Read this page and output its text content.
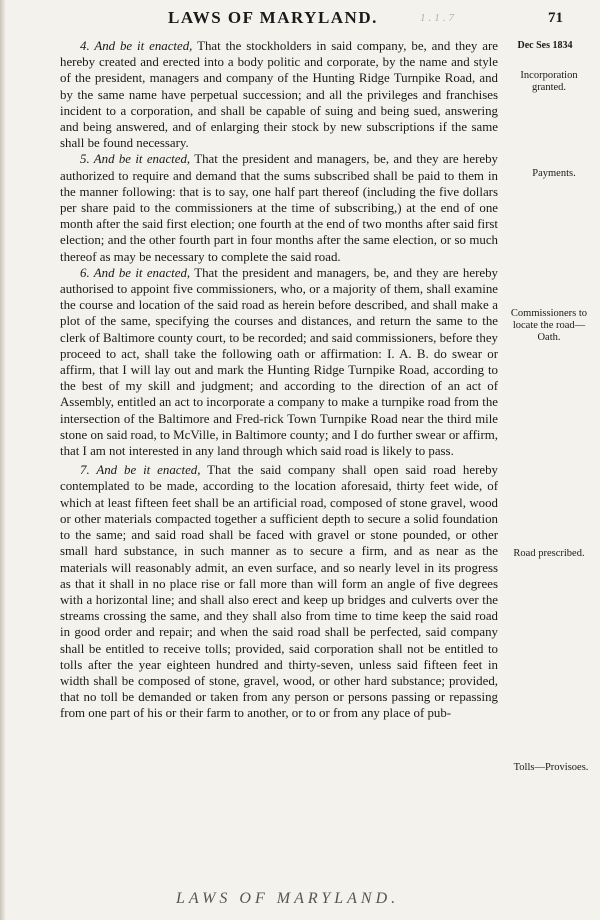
LAWS OF MARYLAND.	1.1.7	71

4. And be it enacted, That the stockholders in said company, be, and they are hereby created and erected into a body politic and corporate, by the name and style of the president, managers and company of the Hunting Ridge Turnpike Road, and by the same name have perpetual succession; and all the privileges and franchises incident to a corporation, and shall be capable of suing and being sued, answering and being answered, and of enlarging their stock by new subscriptions if the same shall be found necessary.

5. And be it enacted, That the president and managers, be, and they are hereby authorized to require and demand that the sums subscribed shall be paid to them in the manner following: that is to say, one half part thereof (including the five dollars per share paid to the commissioners at the time of subscribing,) at the end of one month after the said first election; one fourth at the end of two months after said first election; and the other fourth part in four months after the same election, or so much thereof as may be necessary to complete the said road.

6. And be it enacted, That the president and managers, be, and they are hereby authorised to appoint five commissioners, who, or a majority of them, shall examine the course and location of the said road as herein before described, and shall make a plot of the same, specifying the courses and distances, and return the same to the clerk of Baltimore county court, to be recorded; and said commissioners, before they proceed to act, shall take the following oath or affirmation: I. A. B. do swear or affirm, that I will lay out and mark the Hunting Ridge Turnpike Road, according to the best of my skill and judgment; and according to the direction of an act of Assembly, entitled an act to incorporate a company to make a turnpike road from the intersection of the Baltimore and Fred-rick Town Turnpike Road near the third mile stone on said road, to McVille, in Baltimore county; and I do further swear or affirm, that I am not interested in any land through which said road is likely to pass.

7. And be it enacted, That the said company shall open said road hereby contemplated to be made, according to the location aforesaid, thirty feet wide, of which at least fifteen feet shall be an artificial road, composed of stone gravel, wood or other materials compacted together a sufficient depth to secure a solid foundation to the same; and said road shall be faced with gravel or stone pounded, or other small hard substance, in such manner as to secure a firm, and as near as the materials will reasonably admit, an even surface, and so nearly level in its progress as that it shall in no place rise or fall more than will form an angle of five degrees with a horizontal line; and shall also erect and keep up bridges and culverts over the streams crossing the same, and they shall also from time to time keep the said road in good order and repair; and when the said road shall be perfected, said company shall be entitled to receive tolls; provided, said corporation shall not be entitled to tolls after the year eighteen hundred and thirty-seven, unless said fifteen feet in width shall be composed of stone, gravel, wood, or other hard substance; provided, that no toll be demanded or taken from any person or persons passing or repassing from one part of his or their farm to another, or to or from any place of pub-

Dec Ses 1834
Incorporation granted.
Payments.
Commissioners to locate the road—Oath.
Road prescribed.
Tolls—Provisoes.
LAWS OF MARYLAND.
